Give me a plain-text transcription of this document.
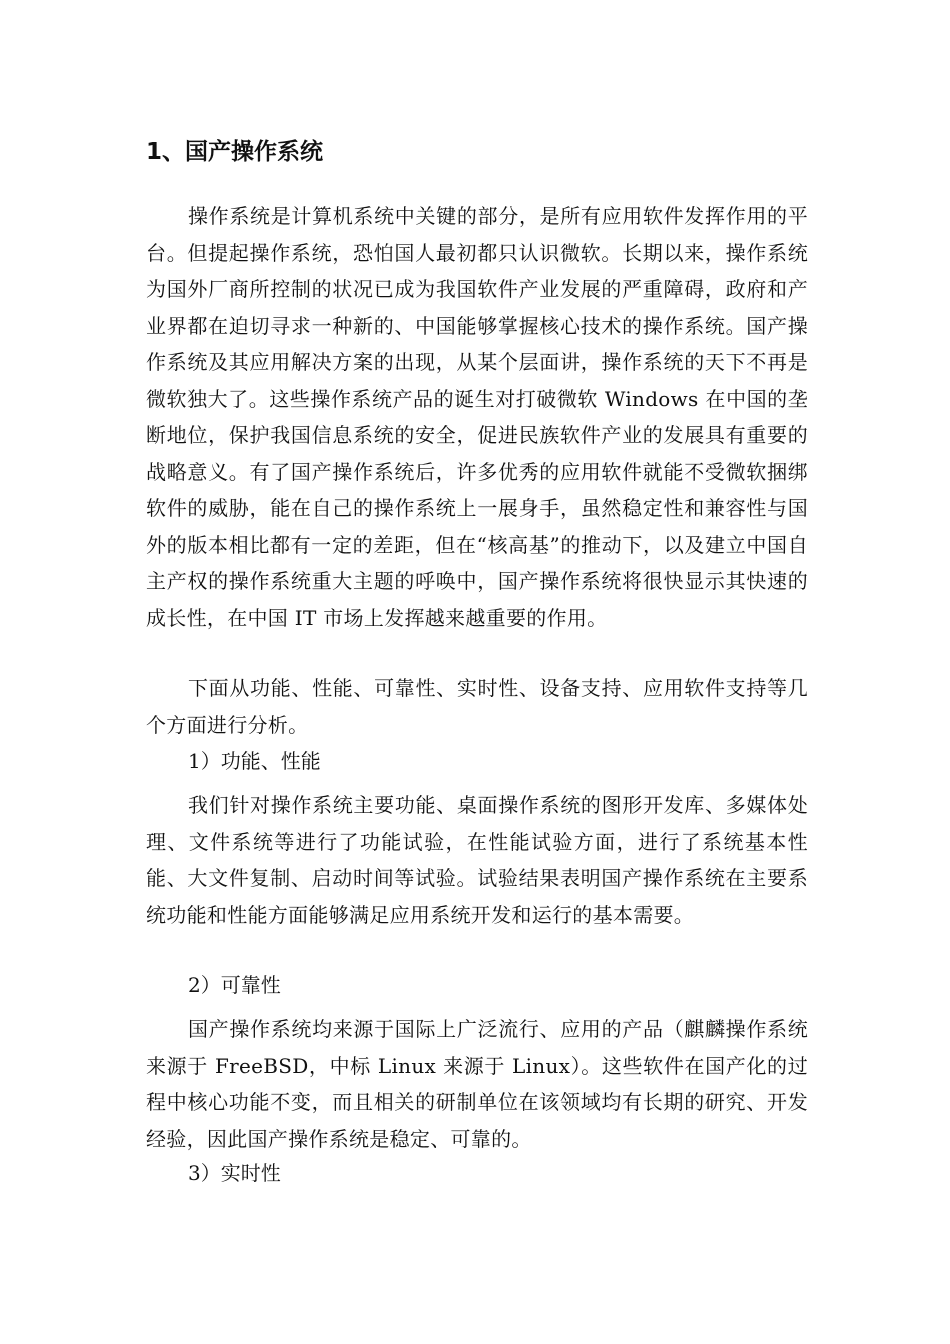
1、国产操作系统

操作系统是计算机系统中关键的部分，是所有应用软件发挥作用的平台。但提起操作系统，恐怕国人最初都只认识微软。长期以来，操作系统为国外厂商所控制的状况已成为我国软件产业发展的严重障碍，政府和产业界都在迫切寻求一种新的、中国能够掌握核心技术的操作系统。国产操作系统及其应用解决方案的出现，从某个层面讲，操作系统的天下不再是微软独大了。这些操作系统产品的诞生对打破微软 Windows 在中国的垄断地位，保护我国信息系统的安全，促进民族软件产业的发展具有重要的战略意义。有了国产操作系统后，许多优秀的应用软件就能不受微软捆绑软件的威胁，能在自己的操作系统上一展身手，虽然稳定性和兼容性与国外的版本相比都有一定的差距，但在“核高基”的推动下，以及建立中国自主产权的操作系统重大主题的呼唤中，国产操作系统将很快显示其快速的成长性，在中国 IT 市场上发挥越来越重要的作用。

下面从功能、性能、可靠性、实时性、设备支持、应用软件支持等几个方面进行分析。

1）功能、性能

我们针对操作系统主要功能、桌面操作系统的图形开发库、多媒体处理、文件系统等进行了功能试验，在性能试验方面，进行了系统基本性能、大文件复制、启动时间等试验。试验结果表明国产操作系统在主要系统功能和性能方面能够满足应用系统开发和运行的基本需要。

2）可靠性

国产操作系统均来源于国际上广泛流行、应用的产品（麒麟操作系统来源于 FreeBSD，中标 Linux 来源于 Linux）。这些软件在国产化的过程中核心功能不变，而且相关的研制单位在该领域均有长期的研究、开发经验，因此国产操作系统是稳定、可靠的。

3）实时性
